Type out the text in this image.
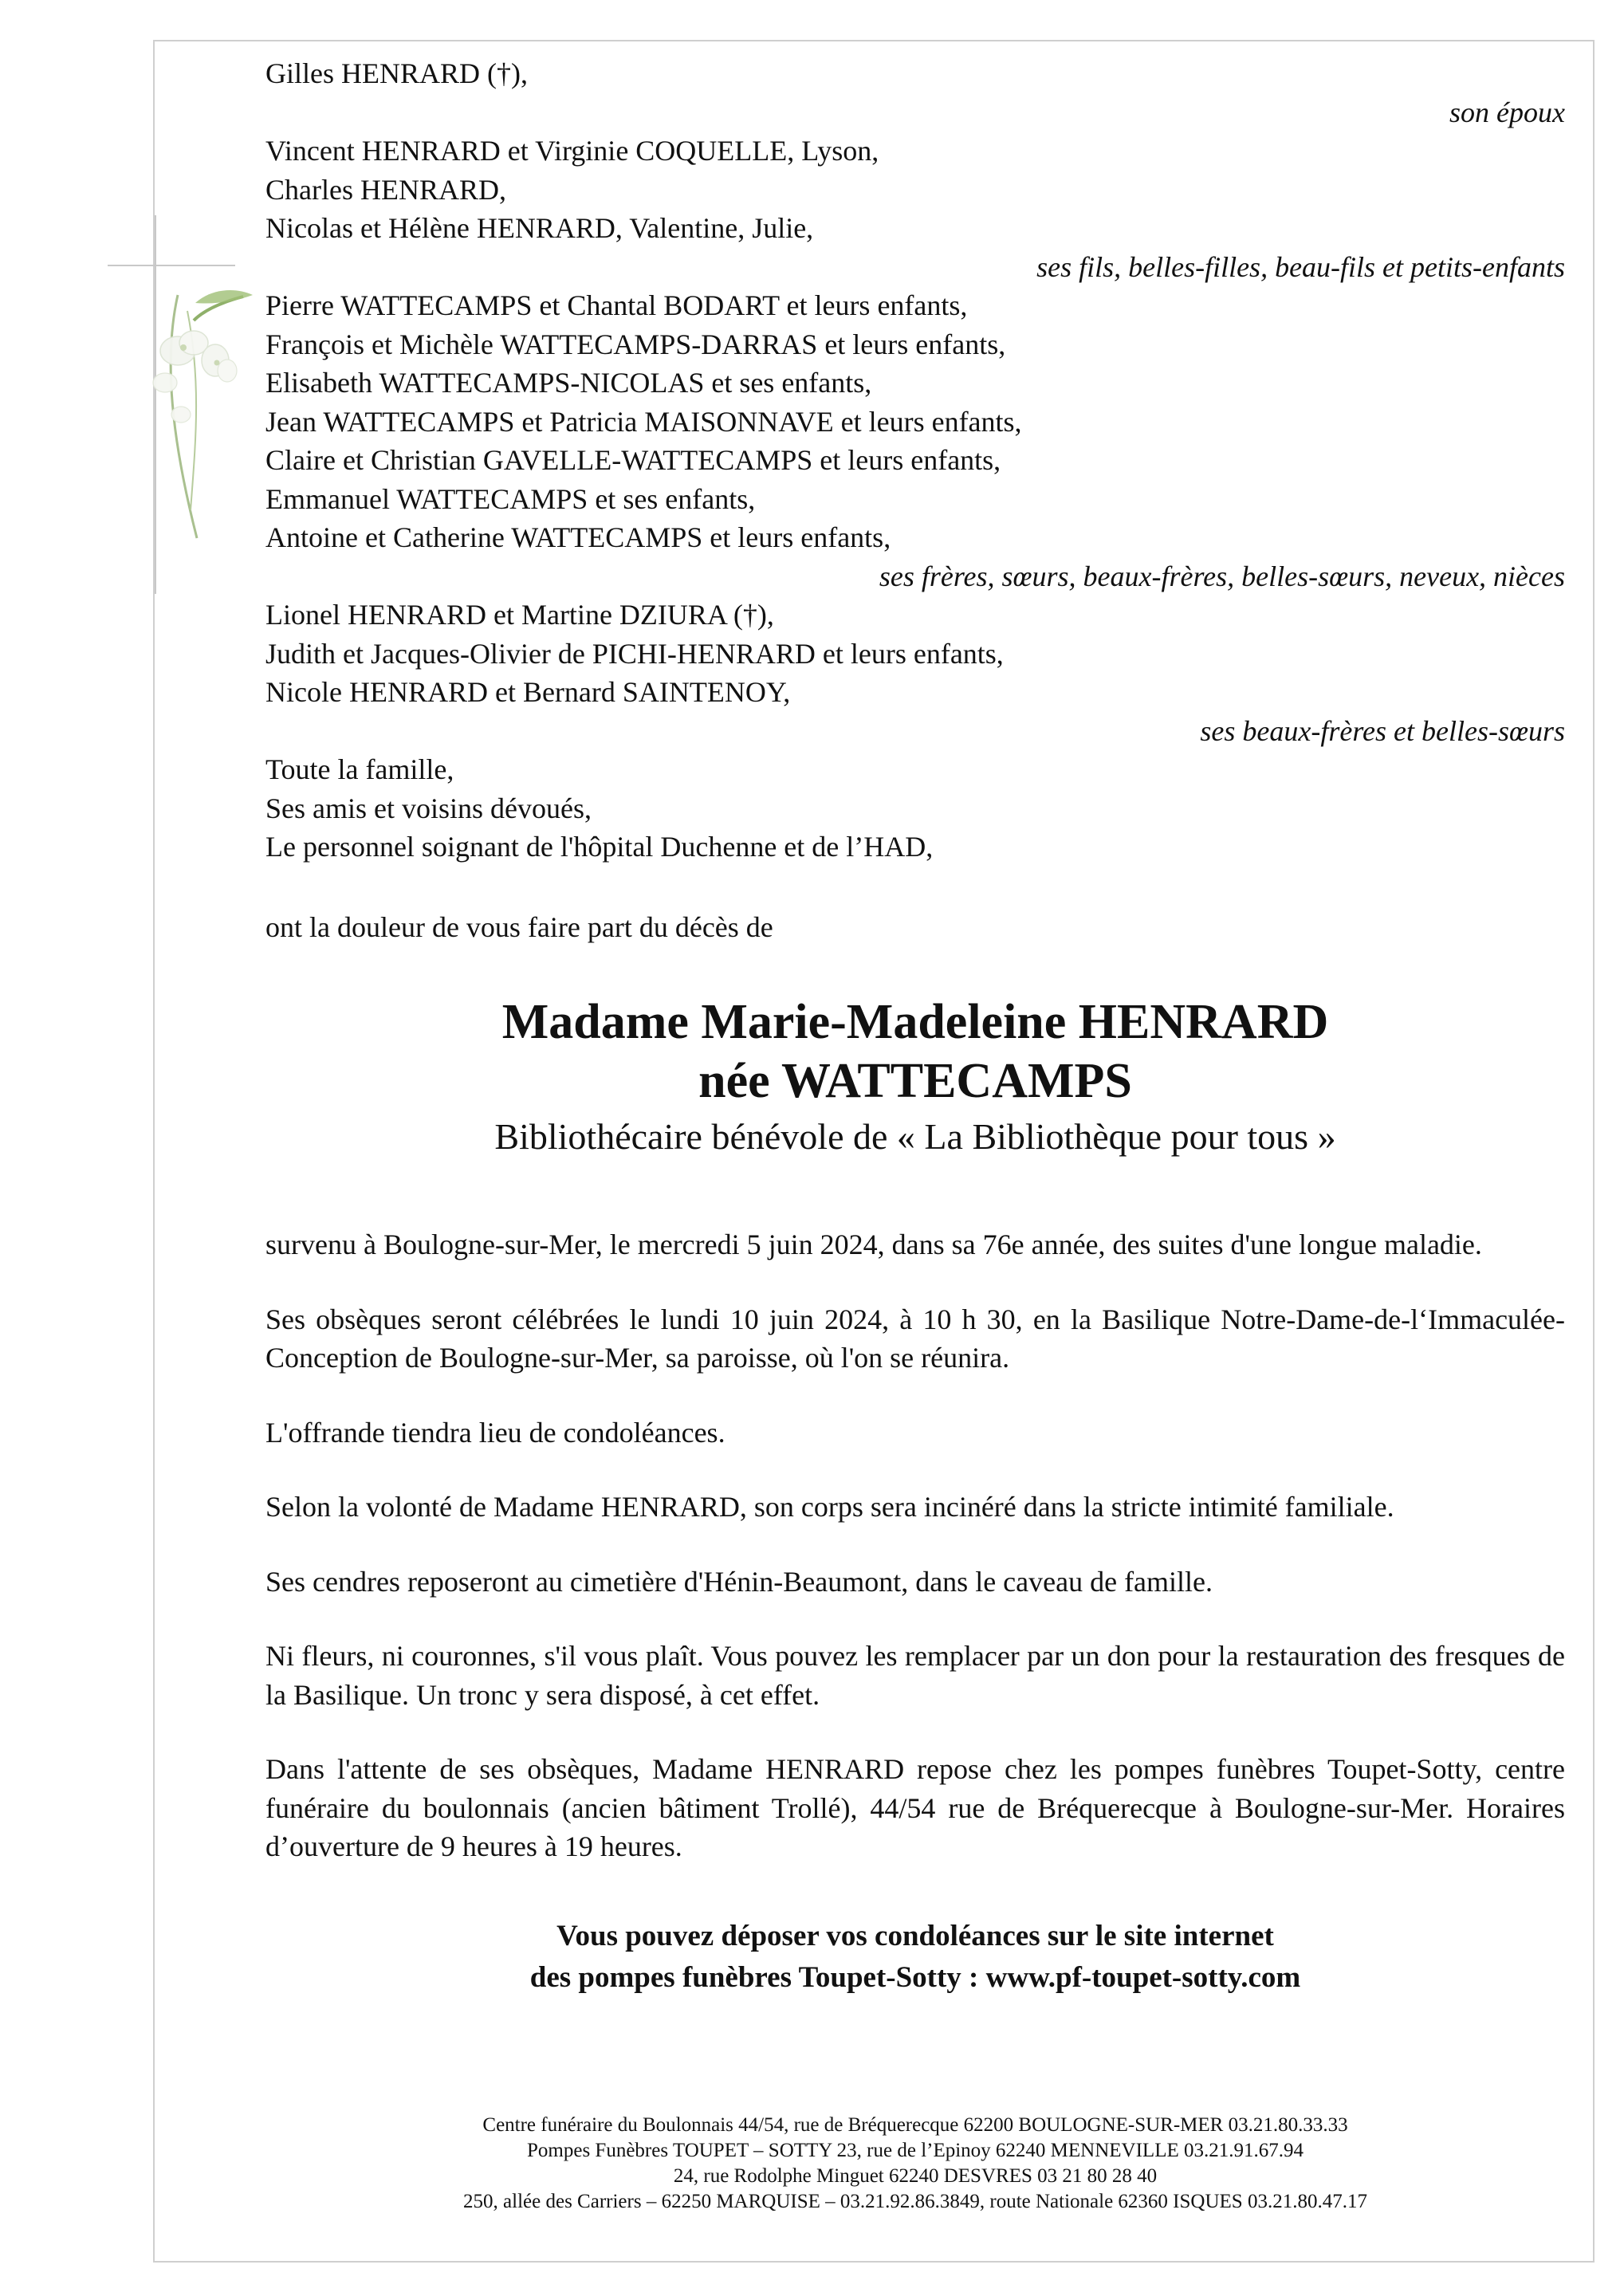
Gilles HENRARD (†),
son époux

Vincent HENRARD et Virginie COQUELLE, Lyson,
Charles HENRARD,
Nicolas et Hélène HENRARD, Valentine, Julie,
ses fils, belles-filles, beau-fils et petits-enfants

Pierre WATTECAMPS et Chantal BODART et leurs enfants,
François et Michèle WATTECAMPS-DARRAS et leurs enfants,
Elisabeth WATTECAMPS-NICOLAS et ses enfants,
Jean WATTECAMPS et Patricia MAISONNAVE et leurs enfants,
Claire et Christian GAVELLE-WATTECAMPS et leurs enfants,
Emmanuel WATTECAMPS et ses enfants,
Antoine et Catherine WATTECAMPS et leurs enfants,
ses frères, sœurs, beaux-frères, belles-sœurs, neveux, nièces

Lionel HENRARD et Martine DZIURA (†),
Judith et Jacques-Olivier de PICHI-HENRARD et leurs enfants,
Nicole HENRARD et Bernard SAINTENOY,
ses beaux-frères et belles-sœurs

Toute la famille,
Ses amis et voisins dévoués,
Le personnel soignant de l'hôpital Duchenne et de l’HAD,

ont la douleur de vous faire part du décès de

Madame Marie-Madeleine HENRARD
née WATTECAMPS
Bibliothécaire bénévole de « La Bibliothèque pour tous »

survenu à Boulogne-sur-Mer, le mercredi 5 juin 2024, dans sa 76e année, des suites d'une longue maladie.

Ses obsèques seront célébrées le lundi 10 juin 2024, à 10 h 30, en la Basilique Notre-Dame-de-l‘Immaculée-Conception de Boulogne-sur-Mer, sa paroisse, où l'on se réunira.

L'offrande tiendra lieu de condoléances.

Selon la volonté de Madame HENRARD, son corps sera incinéré dans la stricte intimité familiale.

Ses cendres reposeront au cimetière d'Hénin-Beaumont, dans le caveau de famille.

Ni fleurs, ni couronnes, s'il vous plaît. Vous pouvez les remplacer par un don pour la restauration des fresques de la Basilique. Un tronc y sera disposé, à cet effet.

Dans l'attente de ses obsèques, Madame HENRARD repose chez les pompes funèbres Toupet-Sotty, centre funéraire du boulonnais (ancien bâtiment Trollé), 44/54 rue de Bréquerecque à Boulogne-sur-Mer. Horaires d’ouverture de 9 heures à 19 heures.

Vous pouvez déposer vos condoléances sur le site internet
des pompes funèbres Toupet-Sotty : www.pf-toupet-sotty.com

Centre funéraire du Boulonnais 44/54, rue de Bréquerecque 62200 BOULOGNE-SUR-MER 03.21.80.33.33
Pompes Funèbres TOUPET – SOTTY 23, rue de l’Epinoy 62240 MENNEVILLE 03.21.91.67.94
24, rue Rodolphe Minguet 62240 DESVRES 03 21 80 28 40
250, allée des Carriers – 62250 MARQUISE – 03.21.92.86.3849, route Nationale 62360 ISQUES 03.21.80.47.17
